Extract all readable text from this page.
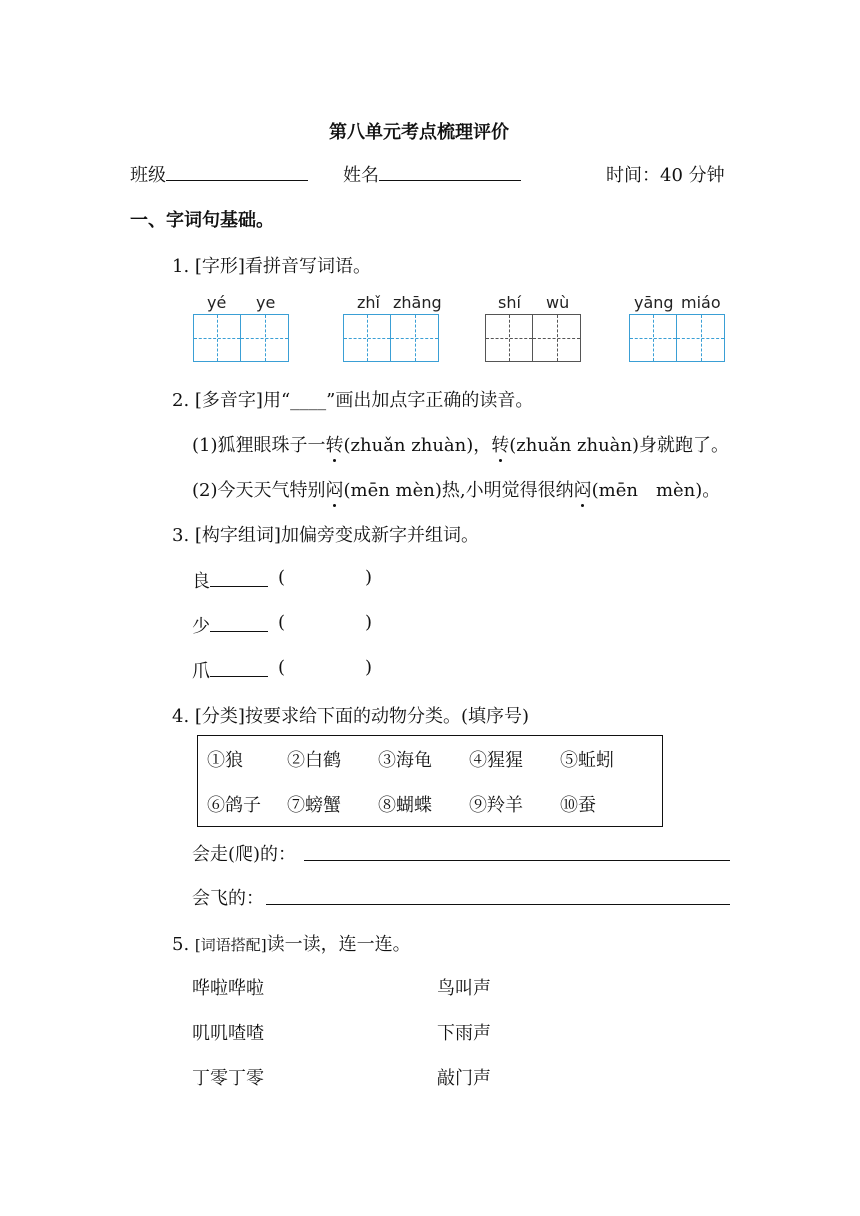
第八单元考点梳理评价
班级	姓名	时间：40 分钟
一、字词句基础。
1. [字形]看拼音写词语。
yé ye	zhǐ zhāng	shí wù	yāng miáo
2. [多音字]用“____”画出加点字正确的读音。
(1)狐狸眼珠子一转(zhuǎn zhuàn)，转(zhuǎn zhuàn)身就跑了。
(2)今天天气特别闷(mēn mèn)热,小明觉得很纳闷(mēn　mèn)。
3. [构字组词]加偏旁变成新字并组词。
良	(	)
少	(	)
爪	(	)
4. [分类]按要求给下面的动物分类。(填序号)
①狼 ②白鹤 ③海龟 ④猩猩 ⑤蚯蚓
⑥鸽子 ⑦螃蟹 ⑧蝴蝶 ⑨羚羊 ⑩蚕
会走(爬)的：
会飞的：
5. [词语搭配]读一读，连一连。
哗啦哗啦	鸟叫声
叽叽喳喳	下雨声
丁零丁零	敲门声
